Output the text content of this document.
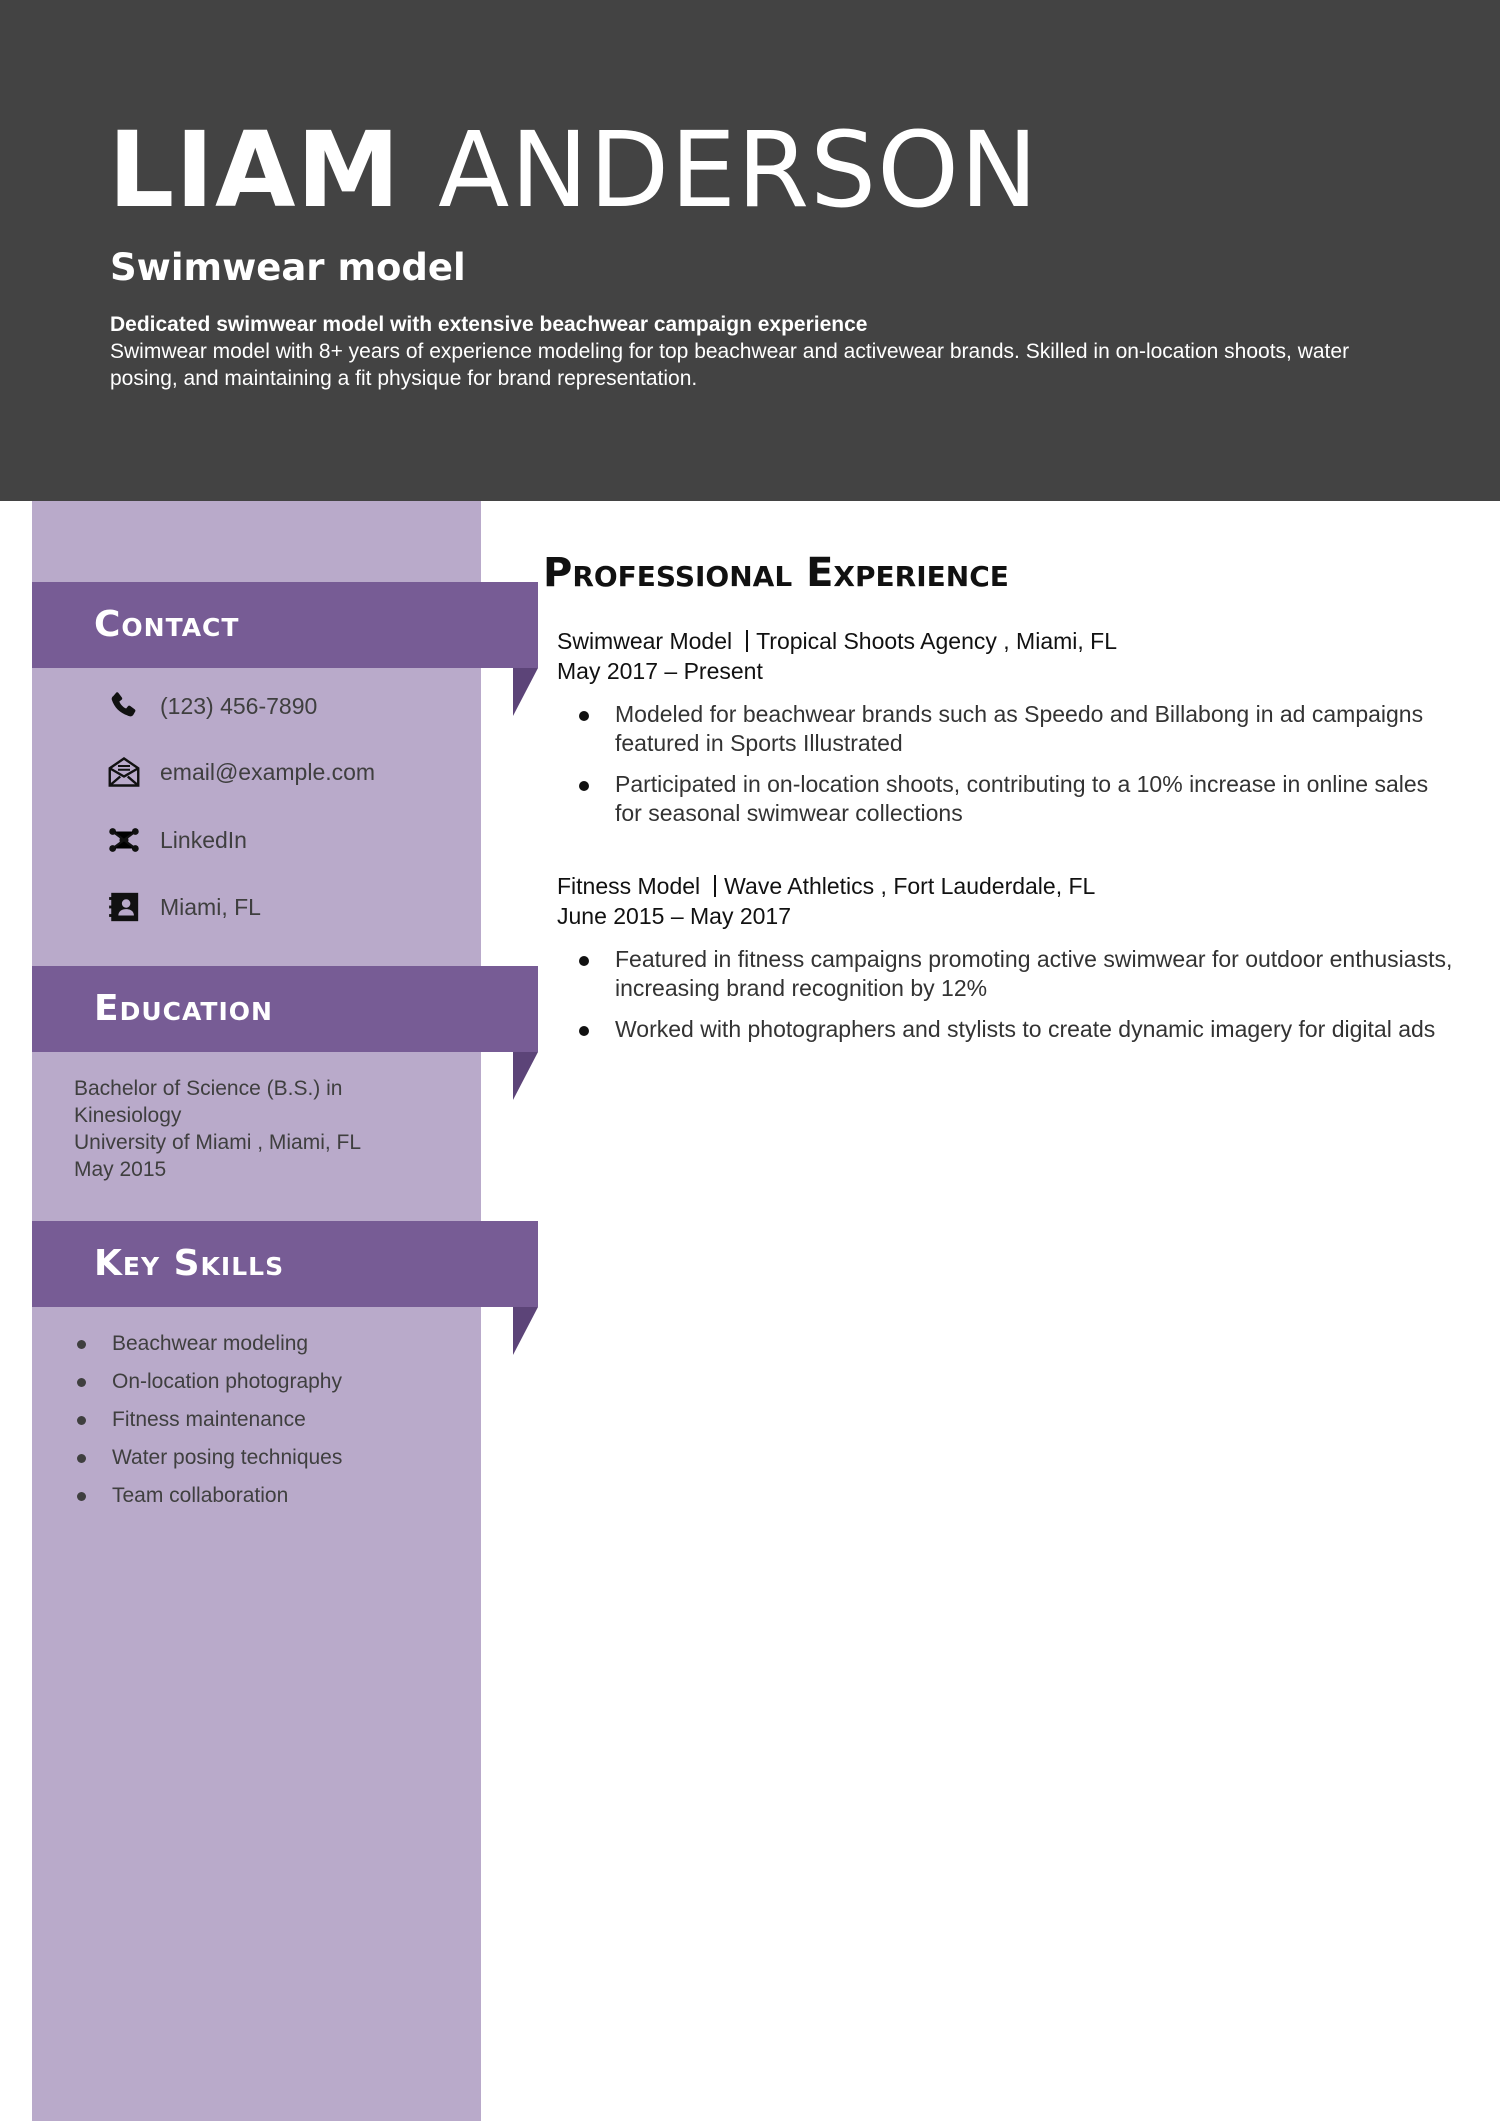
LIAM ANDERSON
Swimwear model
Dedicated swimwear model with extensive beachwear campaign experience
Swimwear model with 8+ years of experience modeling for top beachwear and activewear brands. Skilled in on-location shoots, water posing, and maintaining a fit physique for brand representation.
Contact
(123) 456-7890
email@example.com
LinkedIn
Miami, FL
Education
Bachelor of Science (B.S.) in Kinesiology
University of Miami , Miami, FL
May 2015
Key Skills
Beachwear modeling
On-location photography
Fitness maintenance
Water posing techniques
Team collaboration
Professional Experience
Swimwear Model Tropical Shoots Agency , Miami, FL
May 2017 – Present
Modeled for beachwear brands such as Speedo and Billabong in ad campaigns featured in Sports Illustrated
Participated in on-location shoots, contributing to a 10% increase in online sales for seasonal swimwear collections
Fitness Model Wave Athletics , Fort Lauderdale, FL
June 2015 – May 2017
Featured in fitness campaigns promoting active swimwear for outdoor enthusiasts, increasing brand recognition by 12%
Worked with photographers and stylists to create dynamic imagery for digital ads
